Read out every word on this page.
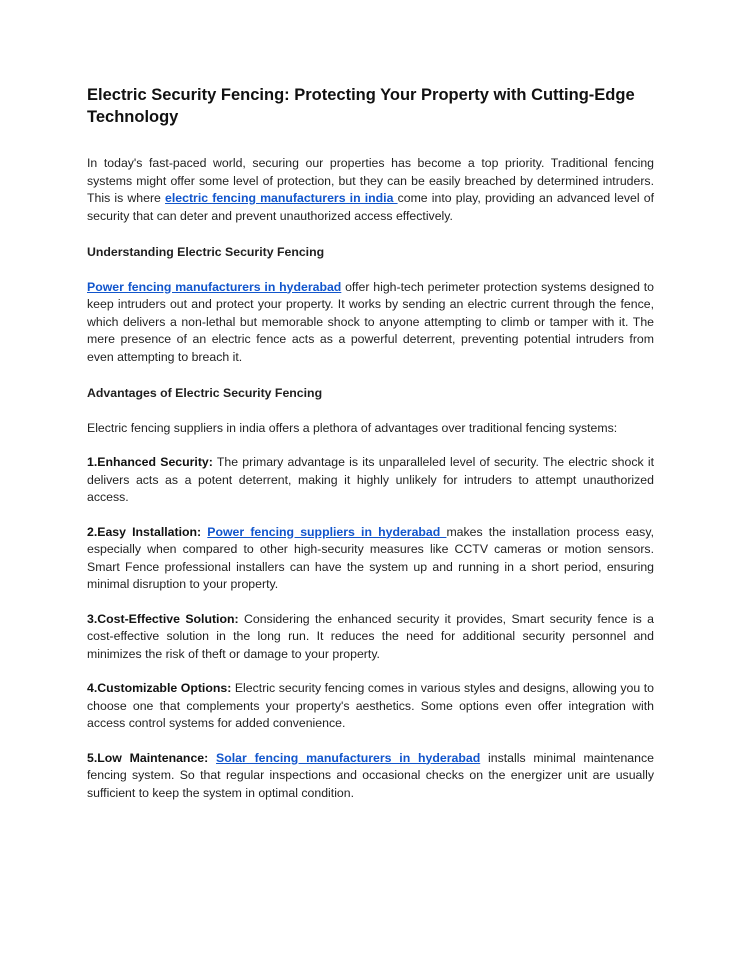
Electric Security Fencing: Protecting Your Property with Cutting-Edge Technology

In today's fast-paced world, securing our properties has become a top priority. Traditional fencing systems might offer some level of protection, but they can be easily breached by determined intruders. This is where electric fencing manufacturers in india come into play, providing an advanced level of security that can deter and prevent unauthorized access effectively.

Understanding Electric Security Fencing

Power fencing manufacturers in hyderabad offer high-tech perimeter protection systems designed to keep intruders out and protect your property. It works by sending an electric current through the fence, which delivers a non-lethal but memorable shock to anyone attempting to climb or tamper with it. The mere presence of an electric fence acts as a powerful deterrent, preventing potential intruders from even attempting to breach it.

Advantages of Electric Security Fencing

Electric fencing suppliers in india offers a plethora of advantages over traditional fencing systems:

1.Enhanced Security: The primary advantage is its unparalleled level of security. The electric shock it delivers acts as a potent deterrent, making it highly unlikely for intruders to attempt unauthorized access.

2.Easy Installation: Power fencing suppliers in hyderabad makes the installation process easy, especially when compared to other high-security measures like CCTV cameras or motion sensors. Smart Fence professional installers can have the system up and running in a short period, ensuring minimal disruption to your property.

3.Cost-Effective Solution: Considering the enhanced security it provides, Smart security fence is a cost-effective solution in the long run. It reduces the need for additional security personnel and minimizes the risk of theft or damage to your property.

4.Customizable Options: Electric security fencing comes in various styles and designs, allowing you to choose one that complements your property's aesthetics. Some options even offer integration with access control systems for added convenience.

5.Low Maintenance: Solar fencing manufacturers in hyderabad installs minimal maintenance fencing system. So that regular inspections and occasional checks on the energizer unit are usually sufficient to keep the system in optimal condition.
